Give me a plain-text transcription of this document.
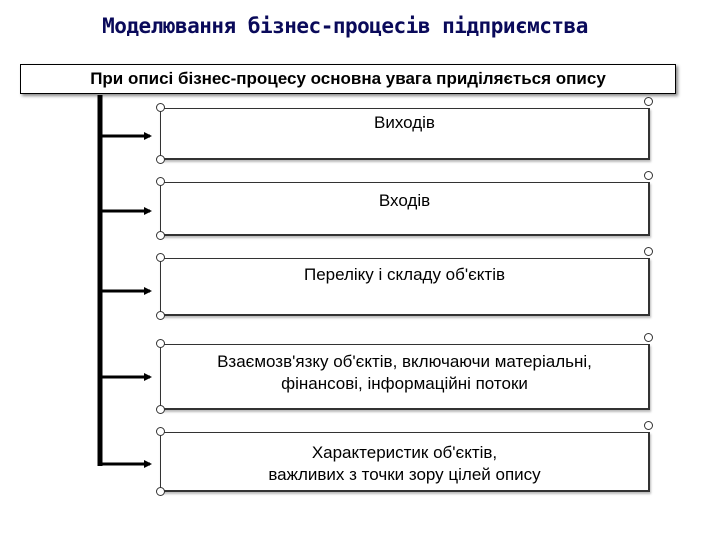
Моделювання бізнес-процесів підприємства
При описі бізнес-процесу основна увага приділяється опису
Виходів
Входів
Переліку і складу об'єктів
Взаємозв'язку об'єктів, включаючи матеріальні,
фінансові, інформаційні потоки
Характеристик об'єктів,
важливих з точки зору цілей опису
